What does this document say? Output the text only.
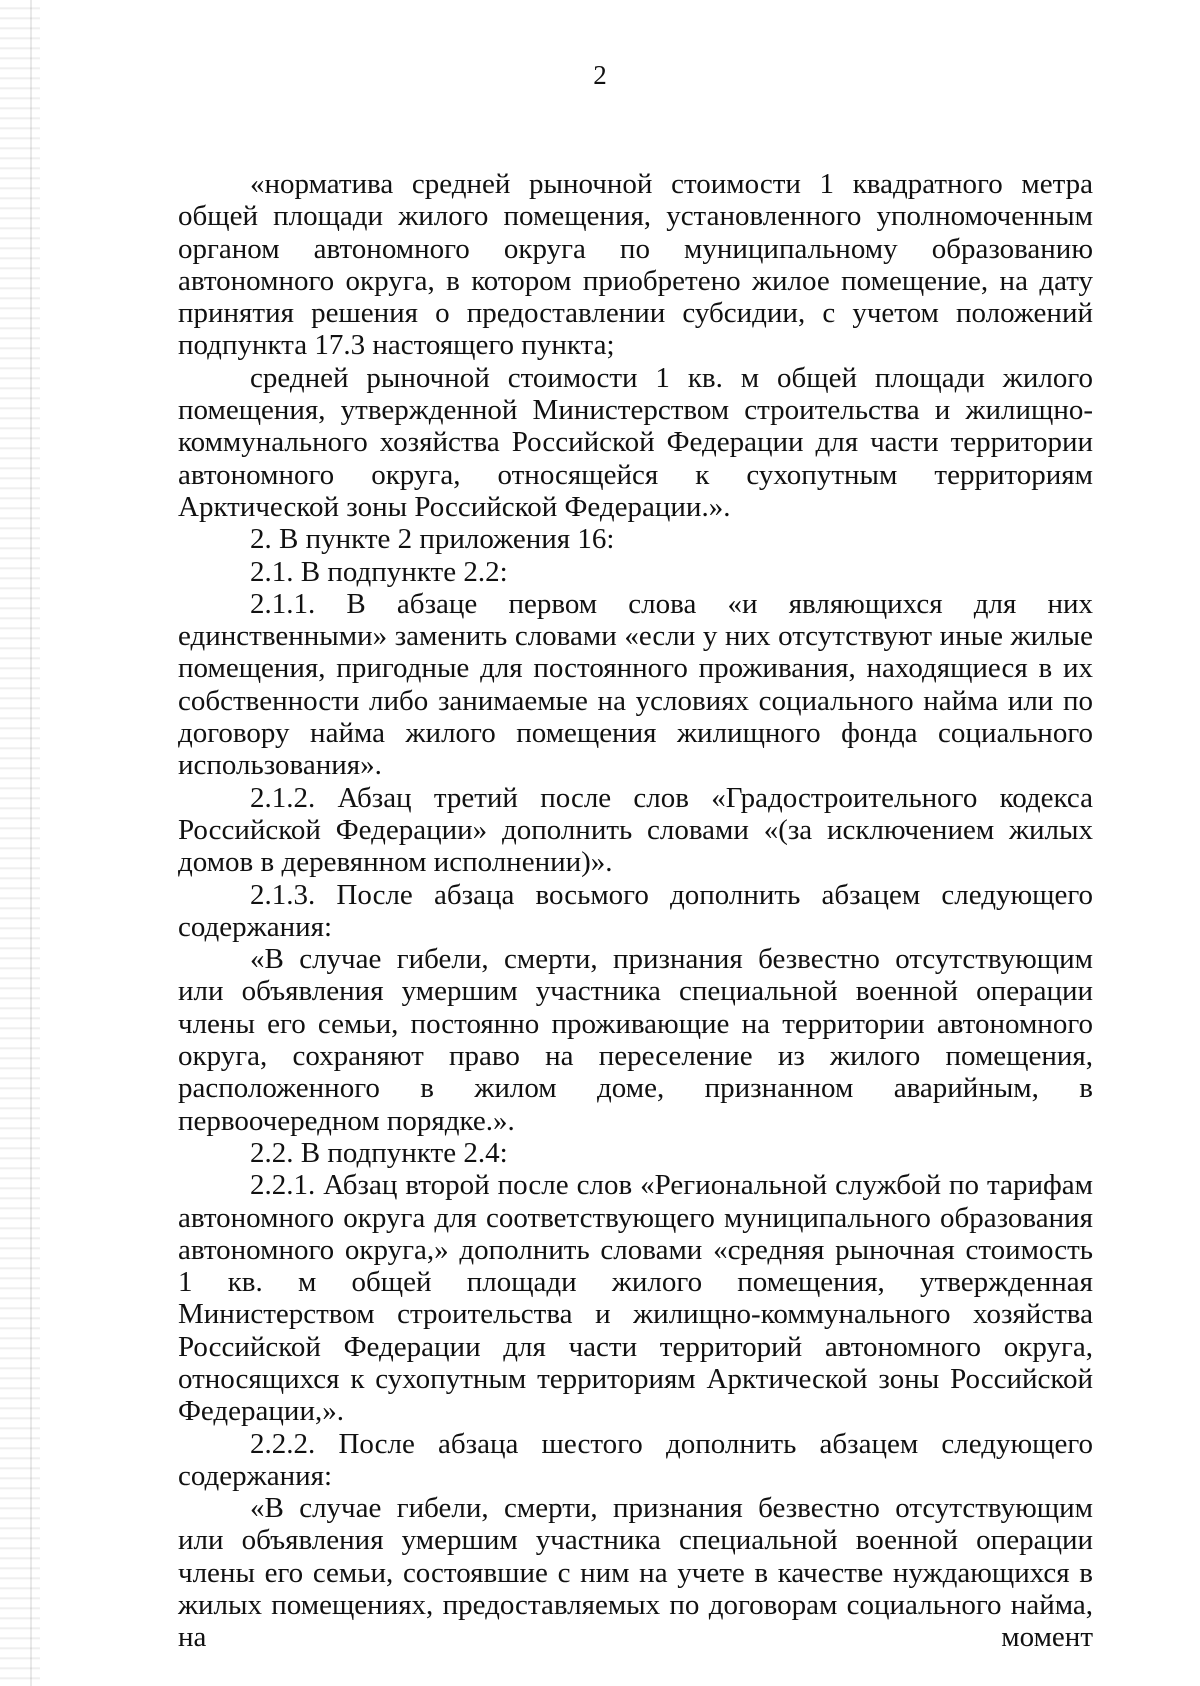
2

«норматива средней рыночной стоимости 1 квадратного метра общей площади жилого помещения, установленного уполномоченным органом автономного округа по муниципальному образованию автономного округа, в котором приобретено жилое помещение, на дату принятия решения о предоставлении субсидии, с учетом положений подпункта 17.3 настоящего пункта;

средней рыночной стоимости 1 кв. м общей площади жилого помещения, утвержденной Министерством строительства и жилищно-коммунального хозяйства Российской Федерации для части территории автономного округа, относящейся к сухопутным территориям Арктической зоны Российской Федерации.».

2. В пункте 2 приложения 16:

2.1. В подпункте 2.2:

2.1.1. В абзаце первом слова «и являющихся для них единственными» заменить словами «если у них отсутствуют иные жилые помещения, пригодные для постоянного проживания, находящиеся в их собственности либо занимаемые на условиях социального найма или по договору найма жилого помещения жилищного фонда социального использования».

2.1.2. Абзац третий после слов «Градостроительного кодекса Российской Федерации» дополнить словами «(за исключением жилых домов в деревянном исполнении)».

2.1.3. После абзаца восьмого дополнить абзацем следующего содержания:

«В случае гибели, смерти, признания безвестно отсутствующим или объявления умершим участника специальной военной операции члены его семьи, постоянно проживающие на территории автономного округа, сохраняют право на переселение из жилого помещения, расположенного в жилом доме, признанном аварийным, в первоочередном порядке.».

2.2. В подпункте 2.4:

2.2.1. Абзац второй после слов «Региональной службой по тарифам автономного округа для соответствующего муниципального образования автономного округа,» дополнить словами «средняя рыночная стоимость 1 кв. м общей площади жилого помещения, утвержденная Министерством строительства и жилищно-коммунального хозяйства Российской Федерации для части территорий автономного округа, относящихся к сухопутным территориям Арктической зоны Российской Федерации,».

2.2.2. После абзаца шестого дополнить абзацем следующего содержания:

«В случае гибели, смерти, признания безвестно отсутствующим или объявления умершим участника специальной военной операции члены его семьи, состоявшие с ним на учете в качестве нуждающихся в жилых помещениях, предоставляемых по договорам социального найма, на момент
